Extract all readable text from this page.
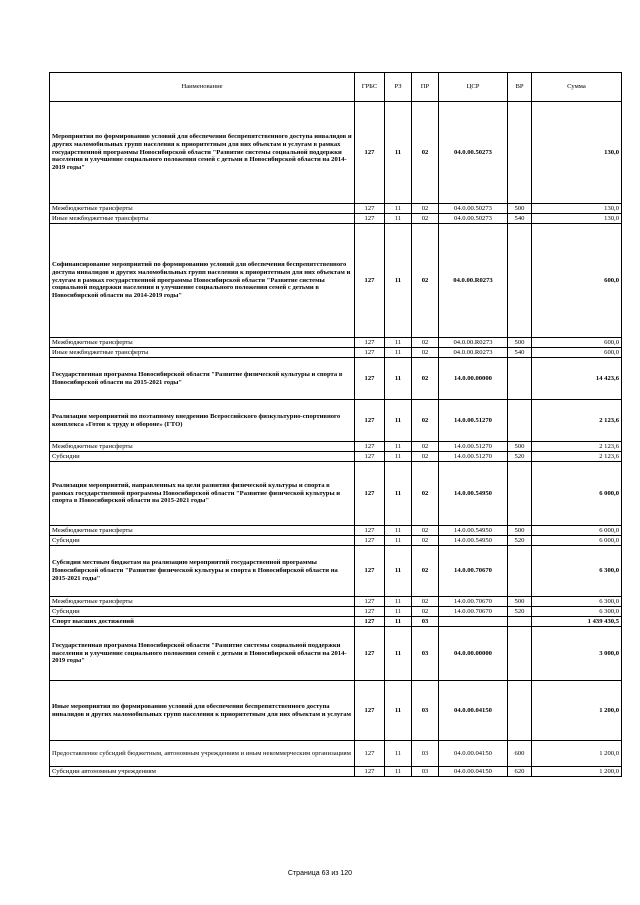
Наименование	ГРБС	РЗ	ПР	ЦСР	ВР	Сумма
Мероприятия по формированию условий для обеспечения беспрепятственного доступа инвалидов и других маломобильных групп населения к приоритетным для них объектам и услугам в рамках государственной программы Новосибирской области "Развитие системы социальной поддержки населения и улучшение социального положения семей с детьми в Новосибирской области на 2014-2019 годы"	127	11	02	04.0.00.50273		130,0
Межбюджетные трансферты	127	11	02	04.0.00.50273	500	130,0
Иные межбюджетные трансферты	127	11	02	04.0.00.50273	540	130,0
Софинансирование мероприятий по формированию условий для обеспечения беспрепятственного доступа инвалидов и других маломобильных групп населения к приоритетным для них объектам и услугам в рамках государственной программы Новосибирской области "Развитие системы социальной поддержки населения и улучшение социального положения семей с детьми в Новосибирской области на 2014-2019 годы"	127	11	02	04.0.00.R0273		600,0
Межбюджетные трансферты	127	11	02	04.0.00.R0273	500	600,0
Иные межбюджетные трансферты	127	11	02	04.0.00.R0273	540	600,0
Государственная программа Новосибирской области "Развитие физической культуры и спорта в Новосибирской области на 2015-2021 годы"	127	11	02	14.0.00.00000		14 423,6
Реализация мероприятий по поэтапному внедрению Всероссийского физкультурно-спортивного комплекса «Готов к труду и обороне» (ГТО)	127	11	02	14.0.00.51270		2 123,6
Межбюджетные трансферты	127	11	02	14.0.00.51270	500	2 123,6
Субсидии	127	11	02	14.0.00.51270	520	2 123,6
Реализация мероприятий, направленных на цели развития физической культуры и спорта в рамках государственной программы Новосибирской области "Развитие физической культуры и спорта в Новосибирской области на 2015-2021 годы"	127	11	02	14.0.00.54950		6 000,0
Межбюджетные трансферты	127	11	02	14.0.00.54950	500	6 000,0
Субсидии	127	11	02	14.0.00.54950	520	6 000,0
Субсидии местным бюджетам на реализацию мероприятий государственной программы Новосибирской области "Развитие физической культуры и спорта в Новосибирской области на 2015-2021 годы"	127	11	02	14.0.00.70670		6 300,0
Межбюджетные трансферты	127	11	02	14.0.00.70670	500	6 300,0
Субсидии	127	11	02	14.0.00.70670	520	6 300,0
Спорт высших достижений	127	11	03			1 439 430,5
Государственная программа Новосибирской области "Развитие системы социальной поддержки населения и улучшение социального положения семей с детьми в Новосибирской области на 2014-2019 годы"	127	11	03	04.0.00.00000		3 000,0
Иные мероприятия по формированию условий для обеспечения беспрепятственного доступа инвалидов и других маломобильных групп населения к приоритетным для них объектам и услугам	127	11	03	04.0.00.04150		1 200,0
Предоставление субсидий бюджетным, автономным учреждениям и иным некоммерческим организациям	127	11	03	04.0.00.04150	600	1 200,0
Субсидии автономным учреждениям	127	11	03	04.0.00.04150	620	1 200,0
Страница 63 из 120
